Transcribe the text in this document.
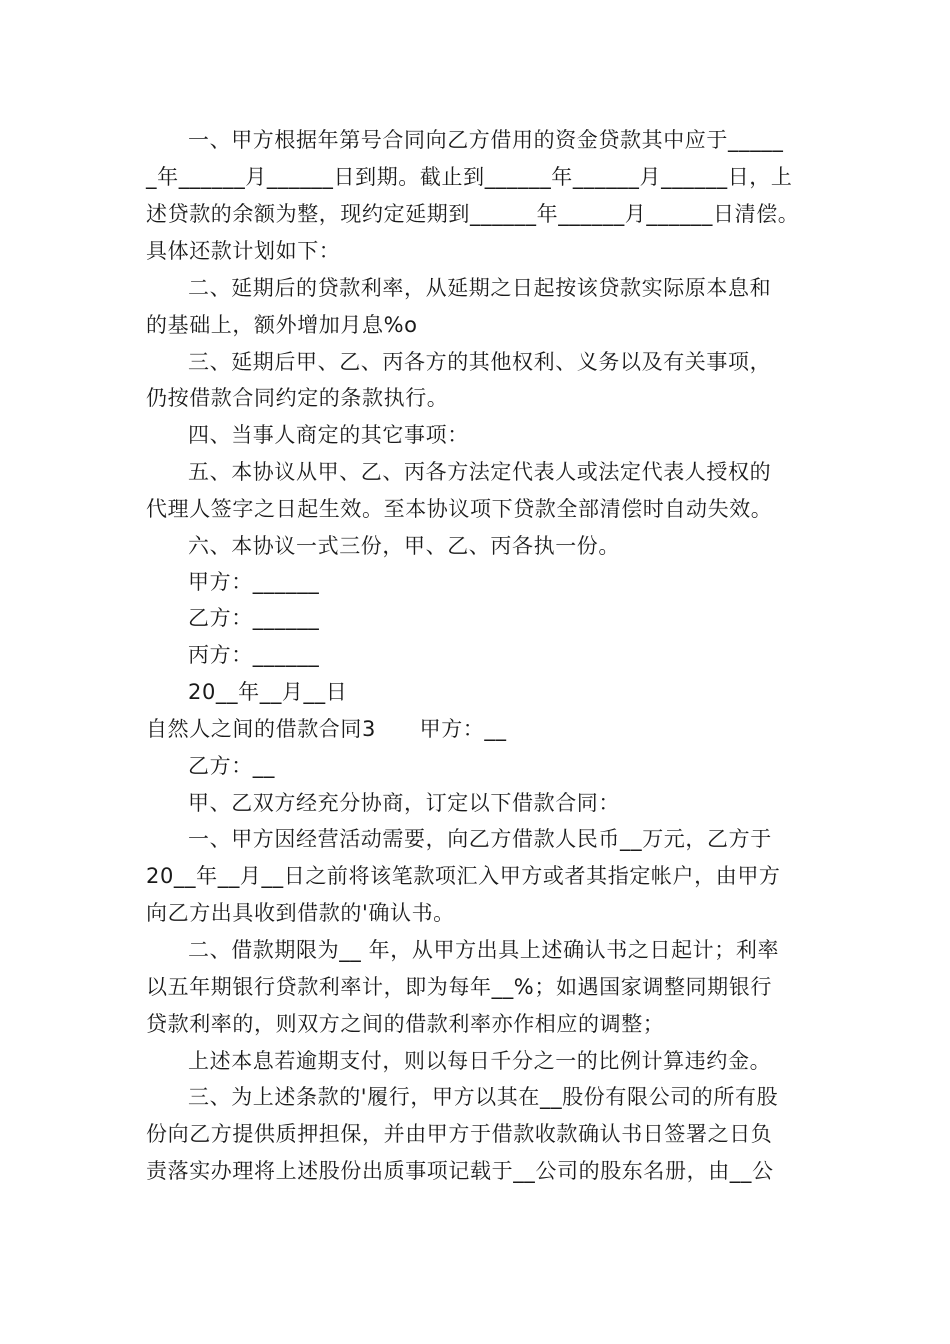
一、甲方根据年第号合同向乙方借用的资金贷款其中应于_____
_年______月______日到期。截止到______年______月______日，上
述贷款的余额为整，现约定延期到______年______月______日清偿。
具体还款计划如下：
二、延期后的贷款利率，从延期之日起按该贷款实际原本息和
的基础上，额外增加月息%o
三、延期后甲、乙、丙各方的其他权利、义务以及有关事项，
仍按借款合同约定的条款执行。
四、当事人商定的其它事项：
五、本协议从甲、乙、丙各方法定代表人或法定代表人授权的
代理人签字之日起生效。至本协议项下贷款全部清偿时自动失效。
六、本协议一式三份，甲、乙、丙各执一份。
甲方：______
乙方：______
丙方：______
20__年__月__日
自然人之间的借款合同3      甲方：__
乙方：__
甲、乙双方经充分协商，订定以下借款合同：
一、甲方因经营活动需要，向乙方借款人民币__万元，乙方于
20__年__月__日之前将该笔款项汇入甲方或者其指定帐户，由甲方
向乙方出具收到借款的'确认书。
二、借款期限为__ 年，从甲方出具上述确认书之日起计；利率
以五年期银行贷款利率计，即为每年__%；如遇国家调整同期银行
贷款利率的，则双方之间的借款利率亦作相应的调整；
上述本息若逾期支付，则以每日千分之一的比例计算违约金。
三、为上述条款的'履行，甲方以其在__股份有限公司的所有股
份向乙方提供质押担保，并由甲方于借款收款确认书日签署之日负
责落实办理将上述股份出质事项记载于__公司的股东名册，由__公
